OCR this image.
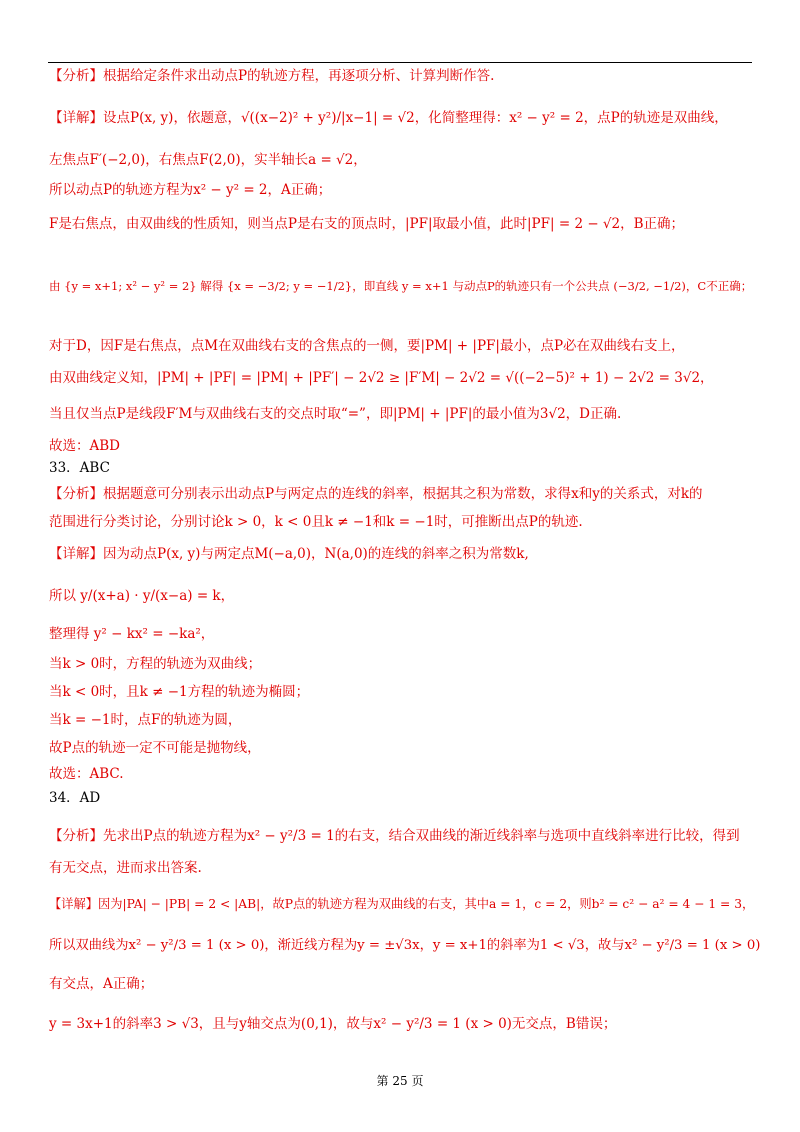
【分析】根据给定条件求出动点P的轨迹方程，再逐项分析、计算判断作答.
【详解】设点P(x, y)，依题意，√((x−2)² + y²)/|x−1| = √2，化简整理得：x² − y² = 2，点P的轨迹是双曲线，
左焦点F′(−2,0)，右焦点F(2,0)，实半轴长a = √2，
所以动点P的轨迹方程为x² − y² = 2，A正确；
F是右焦点，由双曲线的性质知，则当点P是右支的顶点时，|PF|取最小值，此时|PF| = 2 − √2，B正确；
由 {y = x+1; x² − y² = 2} 解得 {x = −3/2; y = −1/2}，即直线 y = x+1 与动点P的轨迹只有一个公共点 (−3/2, −1/2)，C不正确；
对于D，因F是右焦点，点M在双曲线右支的含焦点的一侧，要|PM| + |PF|最小，点P必在双曲线右支上，
由双曲线定义知，|PM| + |PF| = |PM| + |PF′| − 2√2 ≥ |F′M| − 2√2 = √((−2−5)² + 1) − 2√2 = 3√2，
当且仅当点P是线段F′M与双曲线右支的交点时取“=”，即|PM| + |PF|的最小值为3√2，D正确.
故选：ABD
33．ABC
【分析】根据题意可分别表示出动点P与两定点的连线的斜率，根据其之积为常数，求得x和y的关系式，对k的
范围进行分类讨论，分别讨论k > 0，k < 0且k ≠ −1和k = −1时，可推断出点P的轨迹.
【详解】因为动点P(x, y)与两定点M(−a,0)，N(a,0)的连线的斜率之积为常数k,
所以 y/(x+a) · y/(x−a) = k，
整理得 y² − kx² = −ka²，
当k > 0时，方程的轨迹为双曲线；
当k < 0时，且k ≠ −1方程的轨迹为椭圆；
当k = −1时，点F的轨迹为圆，
故P点的轨迹一定不可能是抛物线，
故选：ABC.
34．AD
【分析】先求出P点的轨迹方程为x² − y²/3 = 1的右支，结合双曲线的渐近线斜率与选项中直线斜率进行比较，得到
有无交点，进而求出答案.
【详解】因为|PA| − |PB| = 2 < |AB|，故P点的轨迹方程为双曲线的右支，其中a = 1，c = 2，则b² = c² − a² = 4 − 1 = 3，
所以双曲线为x² − y²/3 = 1 (x > 0)，渐近线方程为y = ±√3x，y = x+1的斜率为1 < √3，故与x² − y²/3 = 1 (x > 0)
有交点，A正确；
y = 3x+1的斜率3 > √3，且与y轴交点为(0,1)，故与x² − y²/3 = 1 (x > 0)无交点，B错误；
第 25 页
